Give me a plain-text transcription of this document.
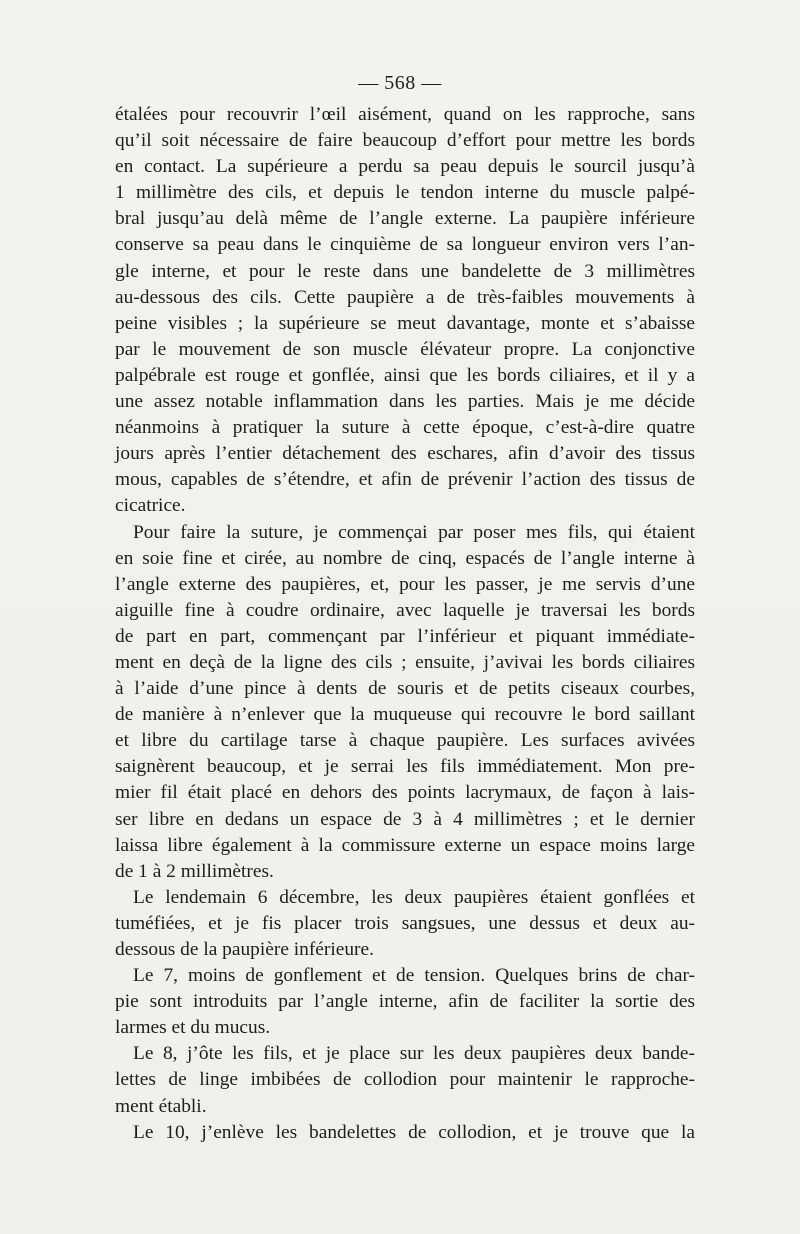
— 568 —
étalées pour recouvrir l’œil aisément, quand on les rapproche, sans
qu’il soit nécessaire de faire beaucoup d’effort pour mettre les bords
en contact. La supérieure a perdu sa peau depuis le sourcil jusqu’à
1 millimètre des cils, et depuis le tendon interne du muscle palpé-
bral jusqu’au delà même de l’angle externe. La paupière inférieure
conserve sa peau dans le cinquième de sa longueur environ vers l’an-
gle interne, et pour le reste dans une bandelette de 3 millimètres
au-dessous des cils. Cette paupière a de très-faibles mouvements à
peine visibles ; la supérieure se meut davantage, monte et s’abaisse
par le mouvement de son muscle élévateur propre. La conjonctive
palpébrale est rouge et gonflée, ainsi que les bords ciliaires, et il y a
une assez notable inflammation dans les parties. Mais je me décide
néanmoins à pratiquer la suture à cette époque, c’est-à-dire quatre
jours après l’entier détachement des eschares, afin d’avoir des tissus
mous, capables de s’étendre, et afin de prévenir l’action des tissus de
cicatrice.
Pour faire la suture, je commençai par poser mes fils, qui étaient
en soie fine et cirée, au nombre de cinq, espacés de l’angle interne à
l’angle externe des paupières, et, pour les passer, je me servis d’une
aiguille fine à coudre ordinaire, avec laquelle je traversai les bords
de part en part, commençant par l’inférieur et piquant immédiate-
ment en deçà de la ligne des cils ; ensuite, j’avivai les bords ciliaires
à l’aide d’une pince à dents de souris et de petits ciseaux courbes,
de manière à n’enlever que la muqueuse qui recouvre le bord saillant
et libre du cartilage tarse à chaque paupière. Les surfaces avivées
saignèrent beaucoup, et je serrai les fils immédiatement. Mon pre-
mier fil était placé en dehors des points lacrymaux, de façon à lais-
ser libre en dedans un espace de 3 à 4 millimètres ; et le dernier
laissa libre également à la commissure externe un espace moins large
de 1 à 2 millimètres.
Le lendemain 6 décembre, les deux paupières étaient gonflées et
tuméfiées, et je fis placer trois sangsues, une dessus et deux au-
dessous de la paupière inférieure.
Le 7, moins de gonflement et de tension. Quelques brins de char-
pie sont introduits par l’angle interne, afin de faciliter la sortie des
larmes et du mucus.
Le 8, j’ôte les fils, et je place sur les deux paupières deux bande-
lettes de linge imbibées de collodion pour maintenir le rapproche-
ment établi.
Le 10, j’enlève les bandelettes de collodion, et je trouve que la
